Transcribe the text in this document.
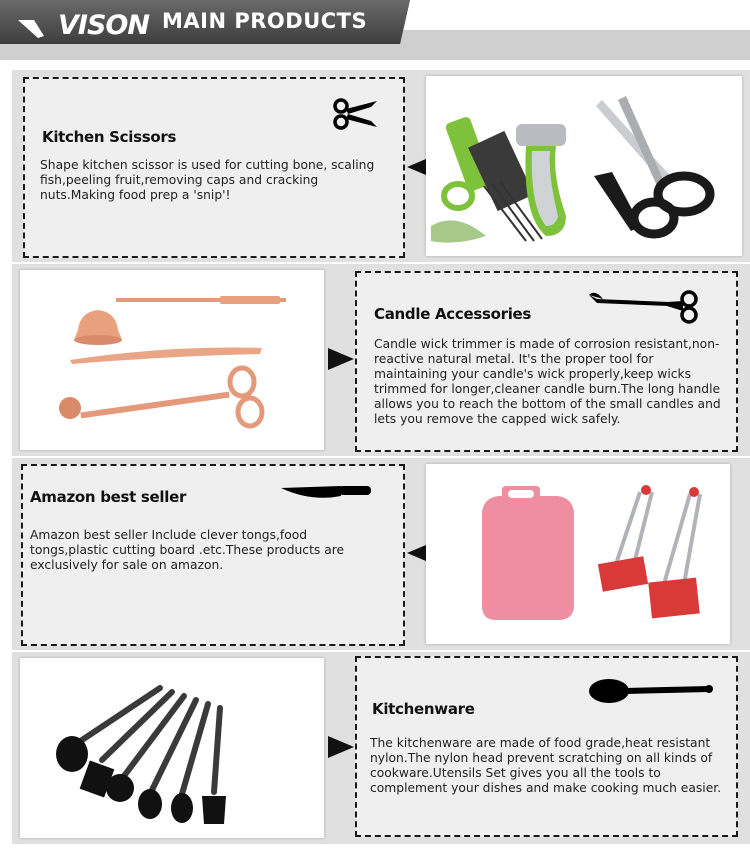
VISON MAIN PRODUCTS
Kitchen Scissors

Shape kitchen scissor is used for cutting bone, scaling fish,peeling fruit,removing caps and cracking nuts.Making food prep a 'snip'!

Candle Accessories

Candle wick trimmer is made of corrosion resistant,non-reactive natural metal. It's the proper tool for maintaining your candle's wick properly,keep wicks trimmed for longer,cleaner candle burn.The long handle allows you to reach the bottom of the small candles and lets you remove the capped wick safely.

Amazon best seller

Amazon best seller Include clever tongs,food tongs,plastic cutting board .etc.These products are exclusively for sale on amazon.

Kitchenware

The kitchenware are made of food grade,heat resistant nylon.The nylon head prevent scratching on all kinds of cookware.Utensils Set gives you all the tools to complement your dishes and make cooking much easier.
